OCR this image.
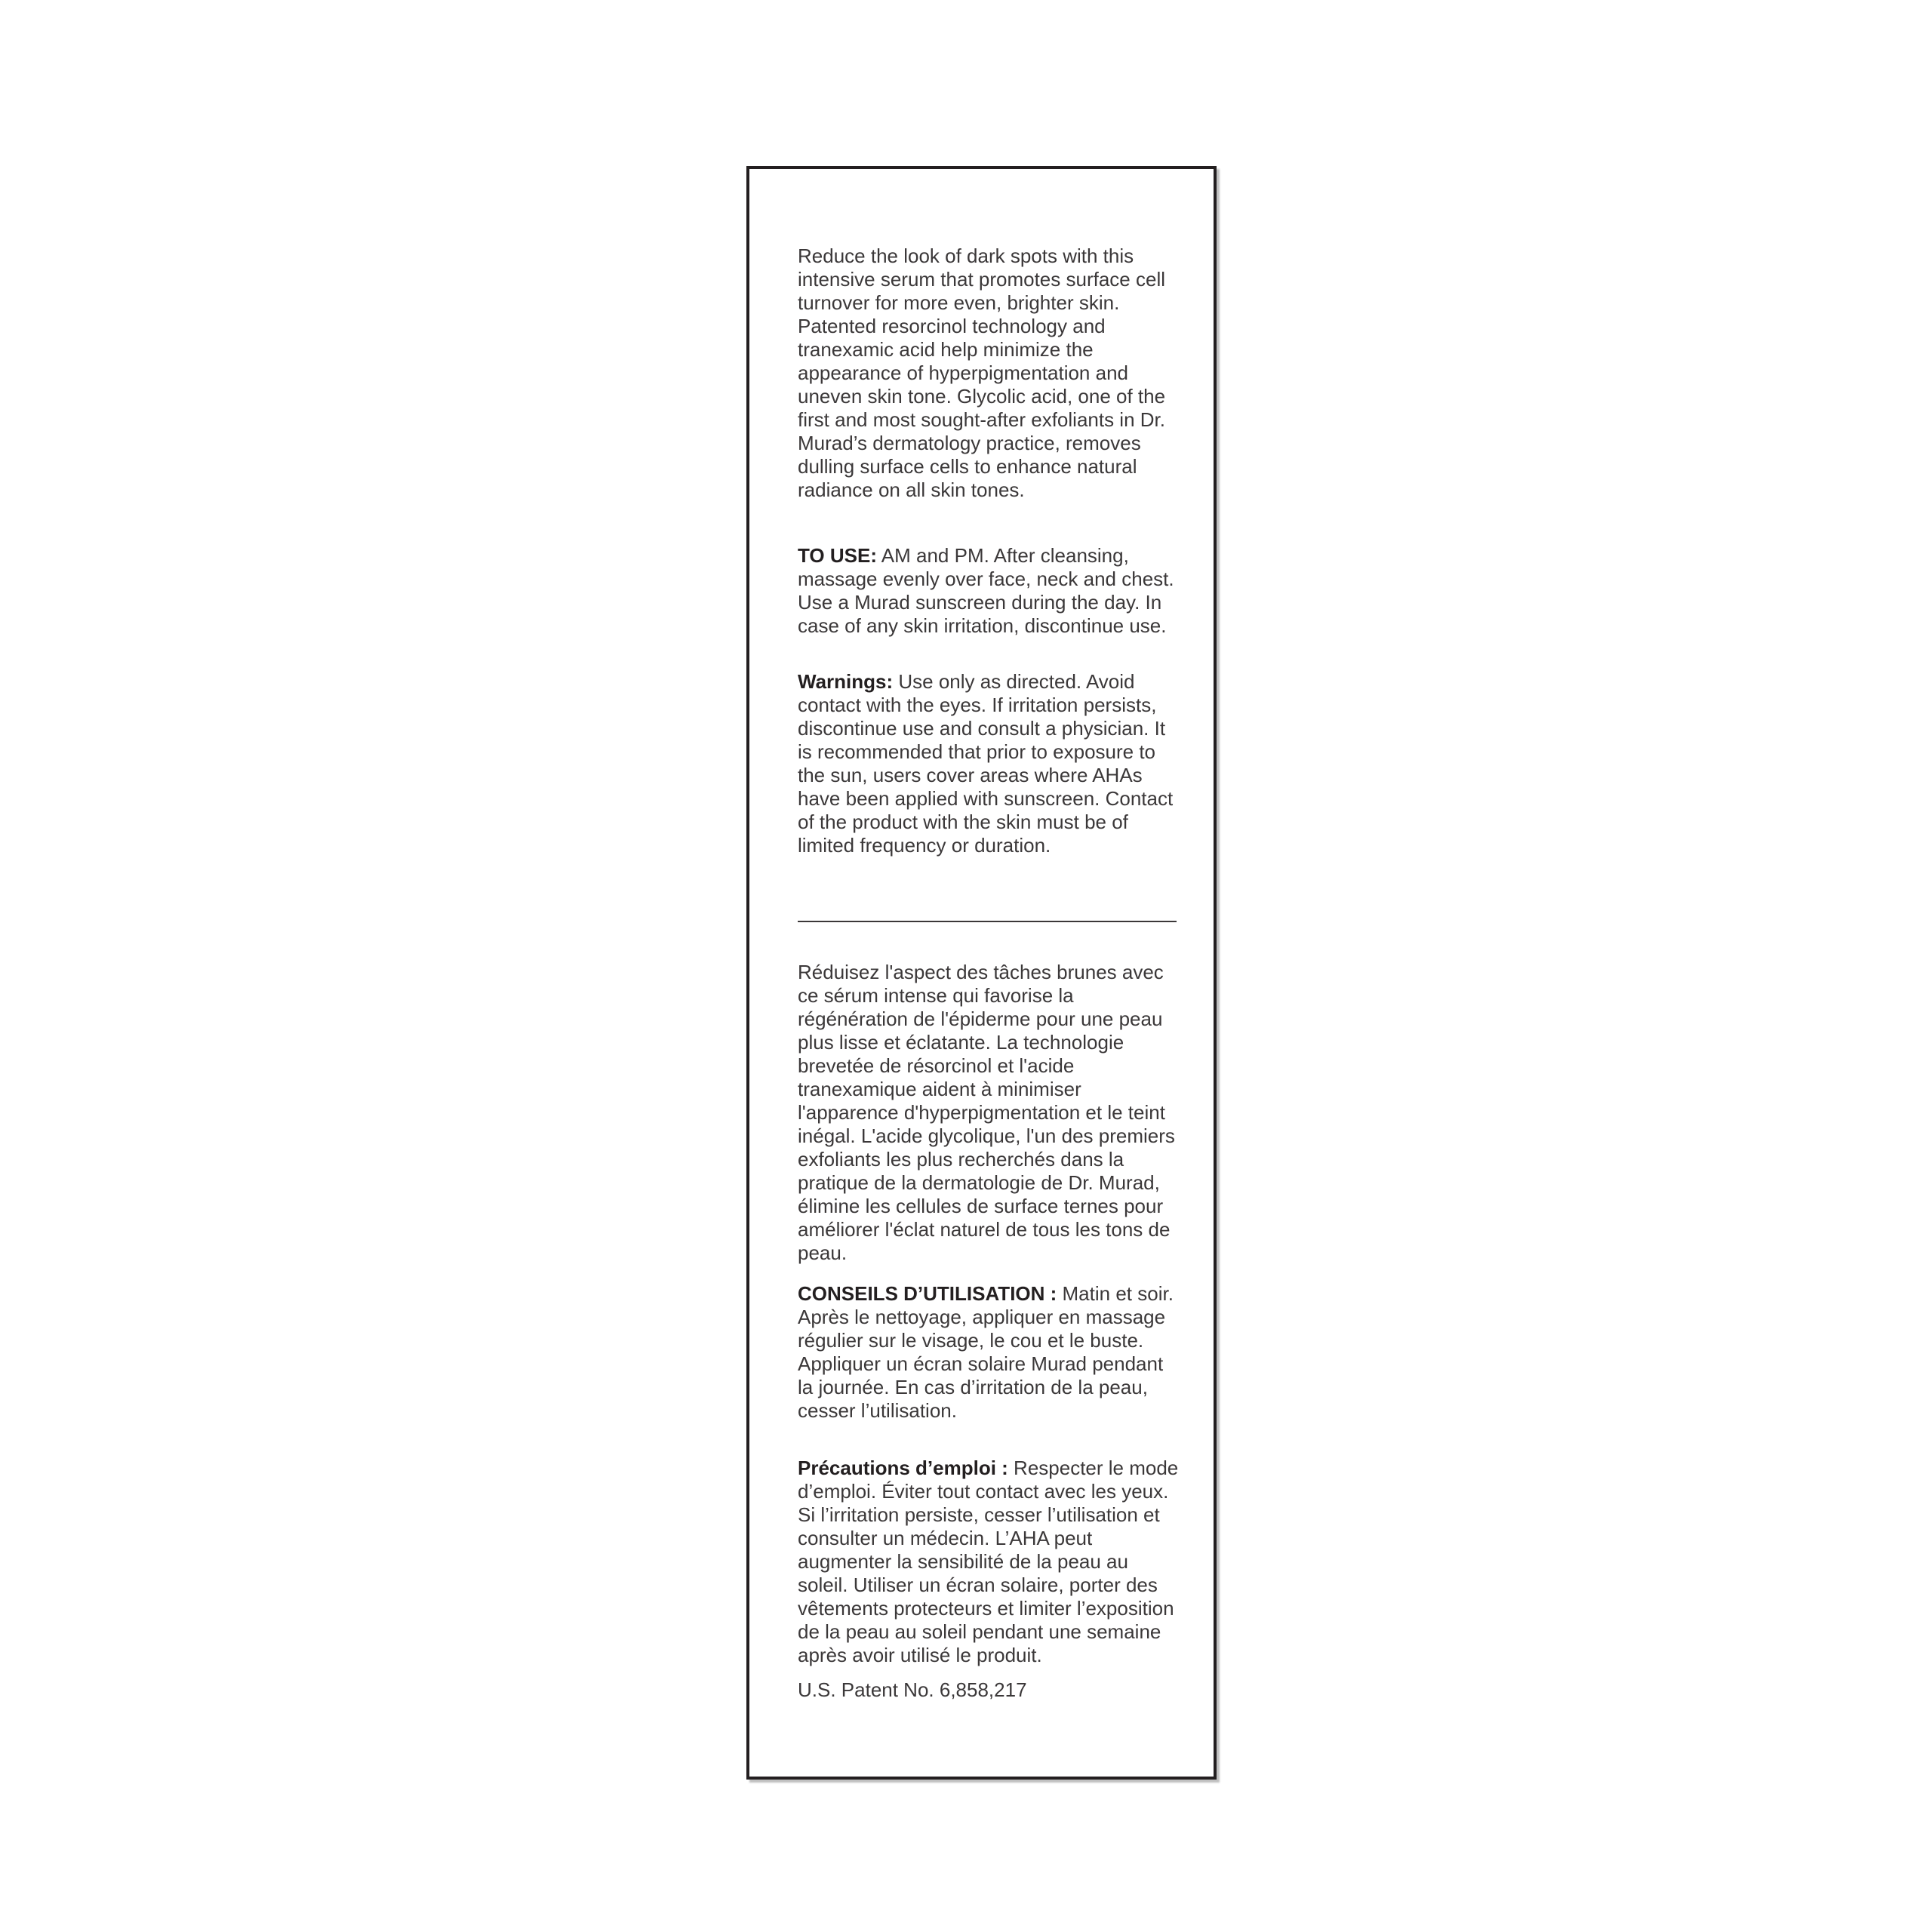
Reduce the look of dark spots with this intensive serum that promotes surface cell turnover for more even, brighter skin. Patented resorcinol technology and tranexamic acid help minimize the appearance of hyperpigmentation and uneven skin tone. Glycolic acid, one of the first and most sought-after exfoliants in Dr. Murad’s dermatology practice, removes dulling surface cells to enhance natural radiance on all skin tones.

TO USE: AM and PM. After cleansing, massage evenly over face, neck and chest. Use a Murad sunscreen during the day. In case of any skin irritation, discontinue use.

Warnings: Use only as directed. Avoid contact with the eyes. If irritation persists, discontinue use and consult a physician. It is recommended that prior to exposure to the sun, users cover areas where AHAs have been applied with sunscreen. Contact of the product with the skin must be of limited frequency or duration.

Réduisez l'aspect des tâches brunes avec ce sérum intense qui favorise la régénération de l'épiderme pour une peau plus lisse et éclatante. La technologie brevetée de résorcinol et l'acide tranexamique aident à minimiser l'apparence d'hyperpigmentation et le teint inégal. L'acide glycolique, l'un des premiers exfoliants les plus recherchés dans la pratique de la dermatologie de Dr. Murad, élimine les cellules de surface ternes pour améliorer l'éclat naturel de tous les tons de peau.

CONSEILS D’UTILISATION : Matin et soir. Après le nettoyage, appliquer en massage régulier sur le visage, le cou et le buste. Appliquer un écran solaire Murad pendant la journée. En cas d’irritation de la peau, cesser l’utilisation.

Précautions d’emploi : Respecter le mode d’emploi. Éviter tout contact avec les yeux. Si l’irritation persiste, cesser l’utilisation et consulter un médecin. L’AHA peut augmenter la sensibilité de la peau au soleil. Utiliser un écran solaire, porter des vêtements protecteurs et limiter l’exposition de la peau au soleil pendant une semaine après avoir utilisé le produit.

U.S. Patent No. 6,858,217
